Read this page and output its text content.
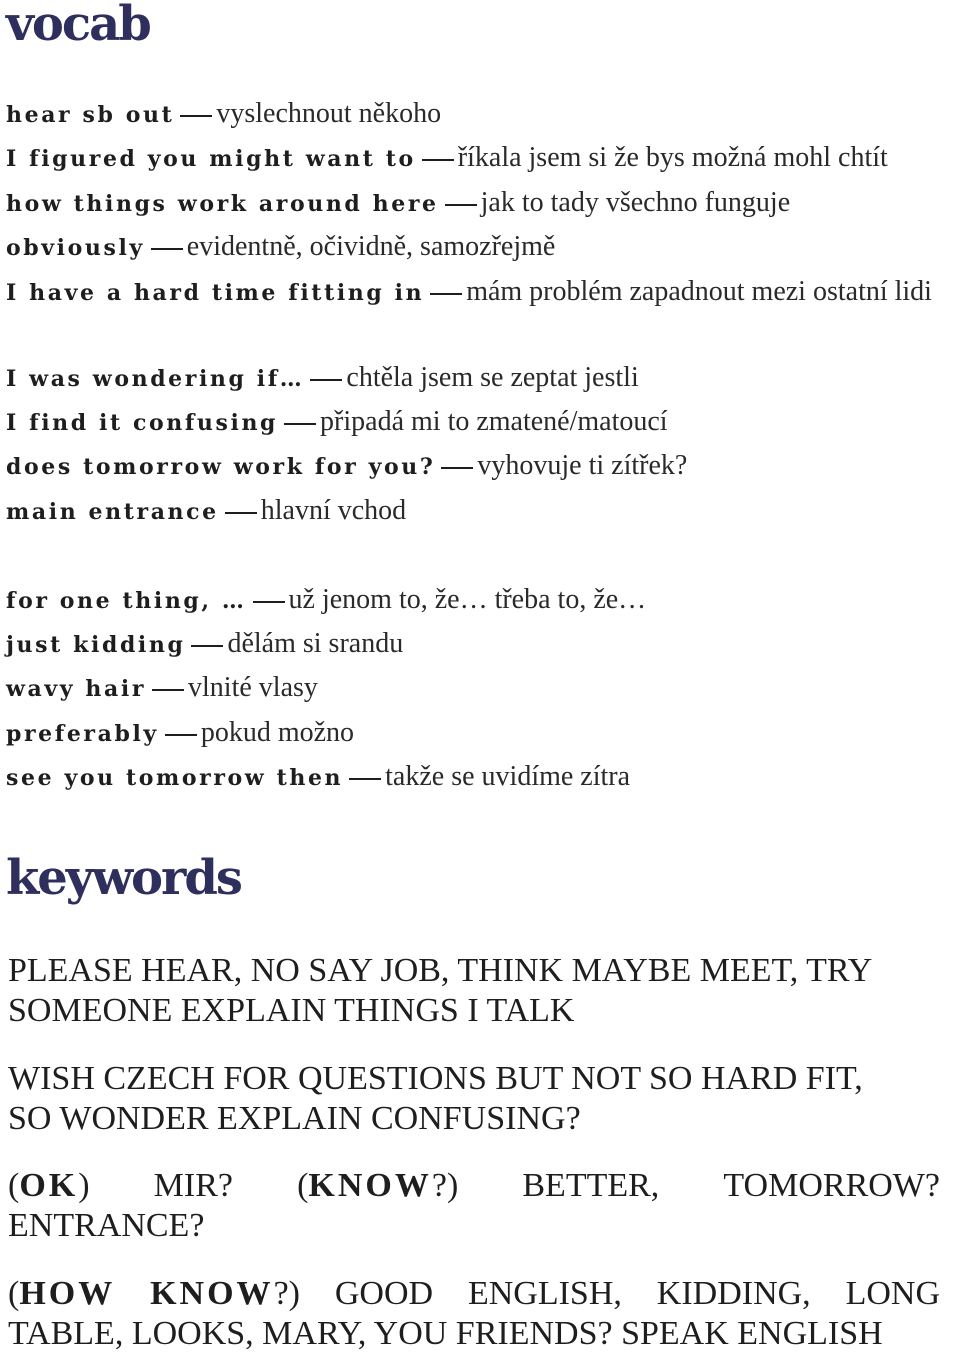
vocab
hear sb out vyslechnout někoho
I figured you might want to říkala jsem si že bys možná mohl chtít
how things work around here jak to tady všechno funguje
obviously evidentně, očividně, samozřejmě
I have a hard time fitting in mám problém zapadnout mezi ostatní lidi
I was wondering if… chtěla jsem se zeptat jestli
I find it confusing připadá mi to zmatené/matoucí
does tomorrow work for you? vyhovuje ti zítřek?
main entrance hlavní vchod
for one thing, … už jenom to, že… třeba to, že…
just kidding dělám si srandu
wavy hair vlnité vlasy
preferably pokud možno
see you tomorrow then takže se uvidíme zítra
keywords
PLEASE HEAR, NO SAY JOB, THINK MAYBE MEET, TRY
SOMEONE EXPLAIN THINGS I TALK
WISH CZECH FOR QUESTIONS BUT NOT SO HARD FIT,
SO WONDER EXPLAIN CONFUSING?
(OK) MIR? (KNOW?) BETTER, TOMORROW?
ENTRANCE?
(HOW KNOW?) GOOD ENGLISH, KIDDING, LONG
TABLE, LOOKS, MARY, YOU FRIENDS? SPEAK ENGLISH
